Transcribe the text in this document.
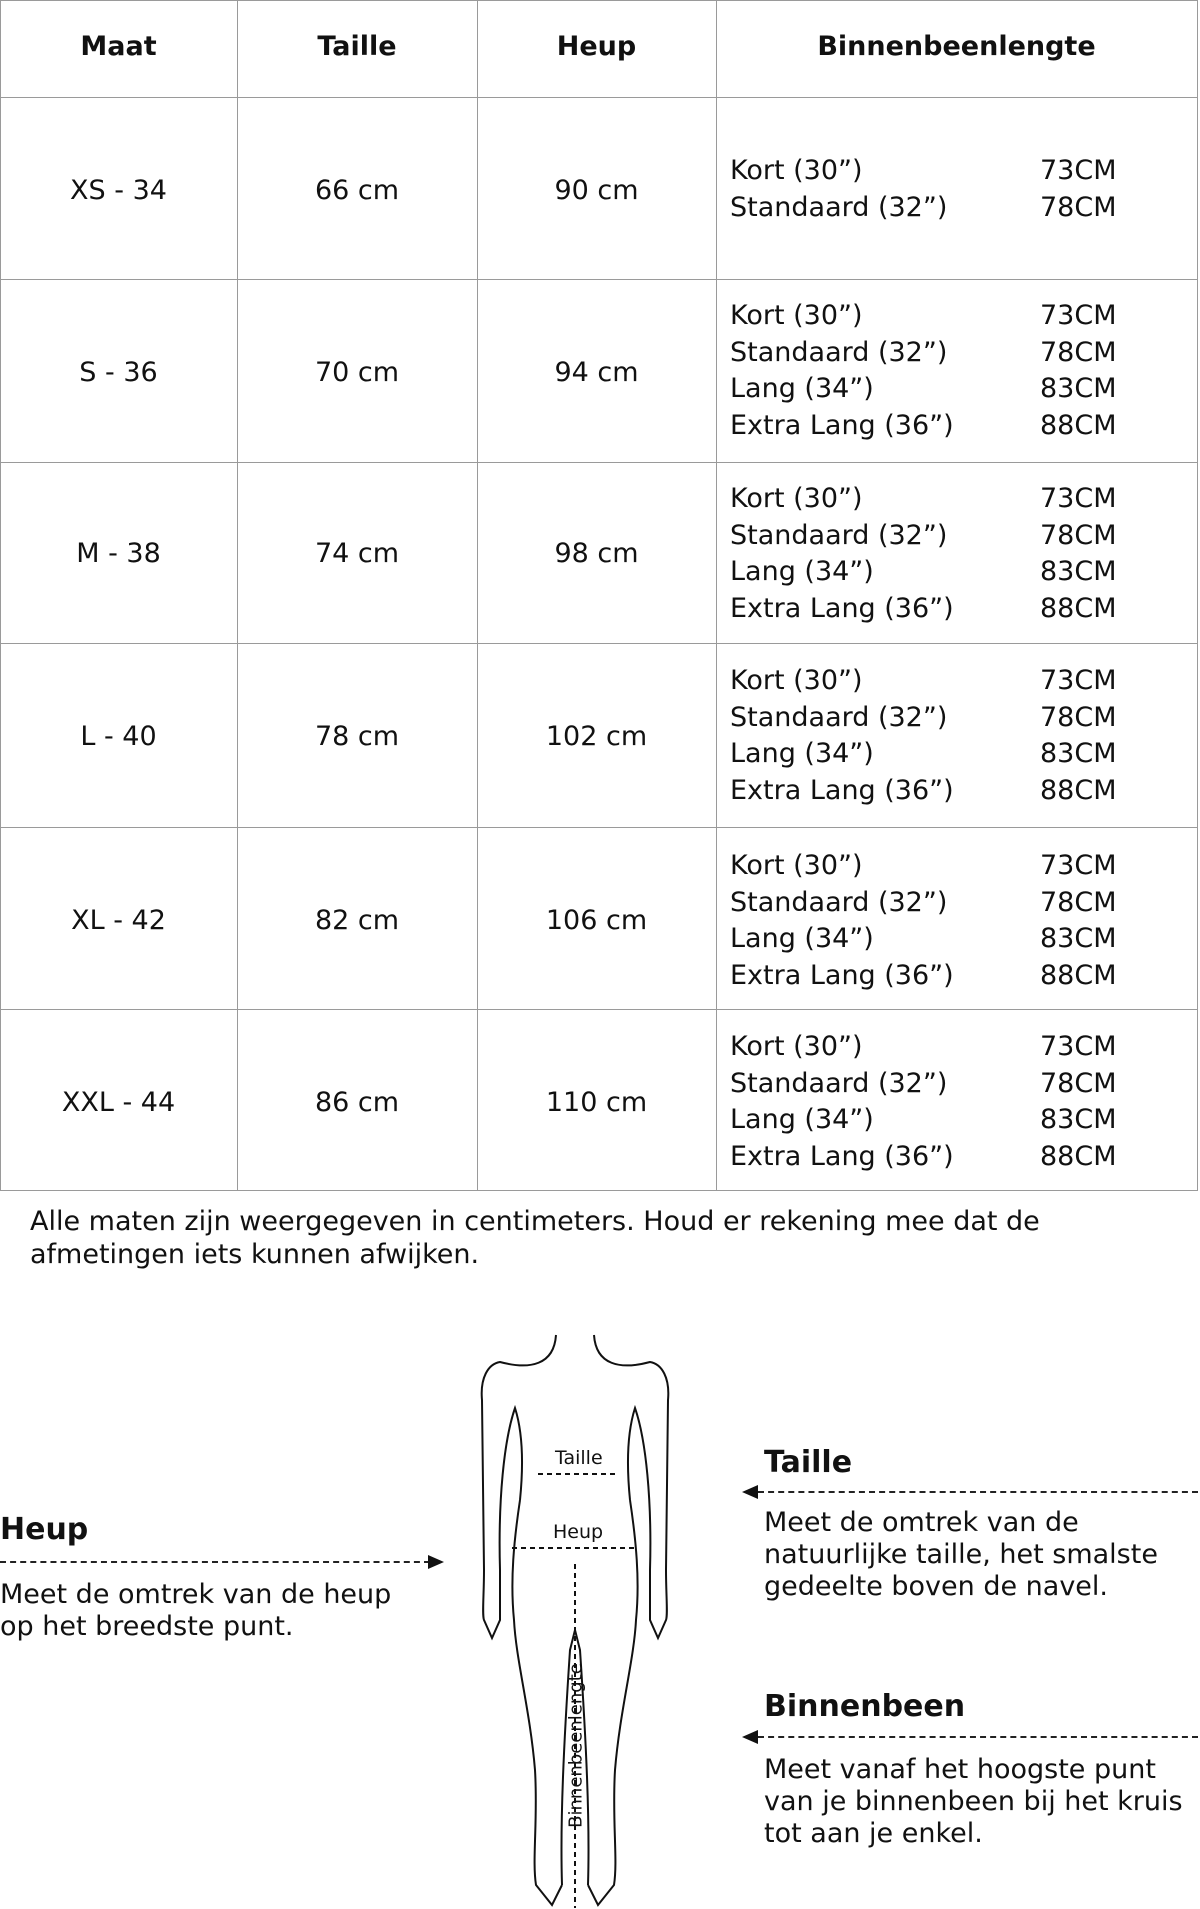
Maat	Taille	Heup	Binnenbeenlengte
XS - 34	66 cm	90 cm
Kort (30”)	73CM
Standaard (32”)	78CM
S - 36	70 cm	94 cm
Kort (30”)	73CM
Standaard (32”)	78CM
Lang (34”)	83CM
Extra Lang (36”)	88CM
M - 38	74 cm	98 cm
Kort (30”)	73CM
Standaard (32”)	78CM
Lang (34”)	83CM
Extra Lang (36”)	88CM
L - 40	78 cm	102 cm
Kort (30”)	73CM
Standaard (32”)	78CM
Lang (34”)	83CM
Extra Lang (36”)	88CM
XL - 42	82 cm	106 cm
Kort (30”)	73CM
Standaard (32”)	78CM
Lang (34”)	83CM
Extra Lang (36”)	88CM
XXL - 44	86 cm	110 cm
Kort (30”)	73CM
Standaard (32”)	78CM
Lang (34”)	83CM
Extra Lang (36”)	88CM
Alle maten zijn weergegeven in centimeters. Houd er rekening mee dat de afmetingen iets kunnen afwijken.
Taille
Heup
Binnenbeenlengte
Heup
Meet de omtrek van de heup
op het breedste punt.
Taille
Meet de omtrek van de
natuurlijke taille, het smalste
gedeelte boven de navel.
Binnenbeen
Meet vanaf het hoogste punt
van je binnenbeen bij het kruis
tot aan je enkel.
